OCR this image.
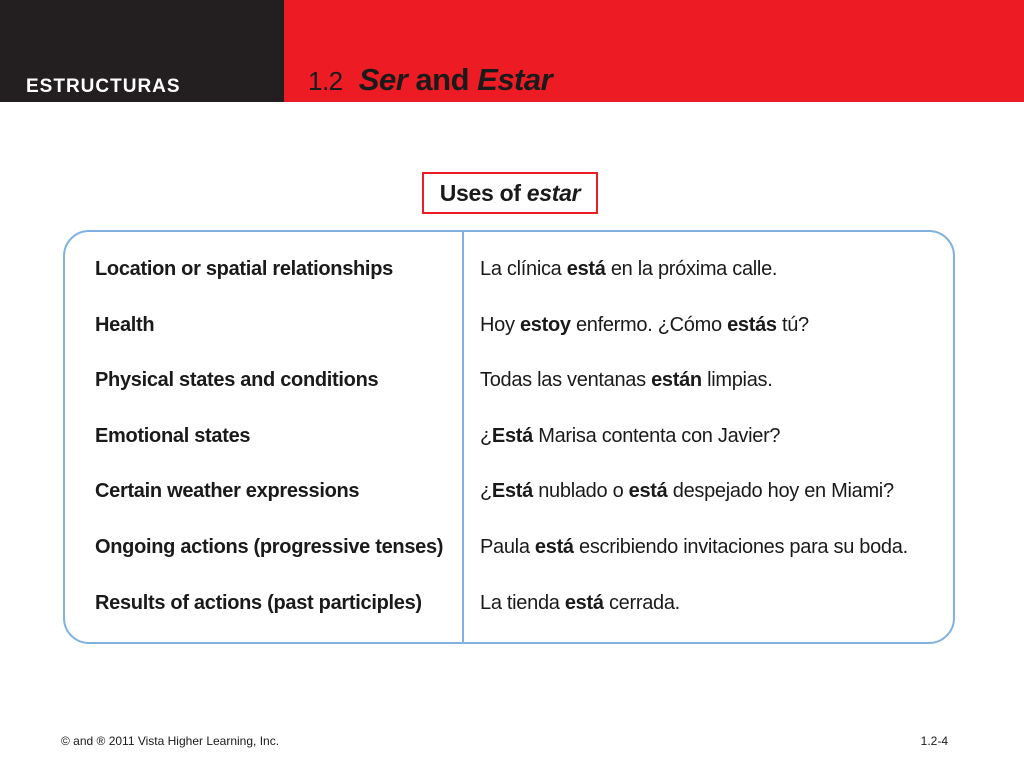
ESTRUCTURAS	1.2 Ser and Estar
Uses of estar
Location or spatial relationships	La clínica está en la próxima calle.
Health	Hoy estoy enfermo. ¿Cómo estás tú?
Physical states and conditions	Todas las ventanas están limpias.
Emotional states	¿Está Marisa contenta con Javier?
Certain weather expressions	¿Está nublado o está despejado hoy en Miami?
Ongoing actions (progressive tenses)	Paula está escribiendo invitaciones para su boda.
Results of actions (past participles)	La tienda está cerrada.
© and ® 2011 Vista Higher Learning, Inc.	1.2-4
